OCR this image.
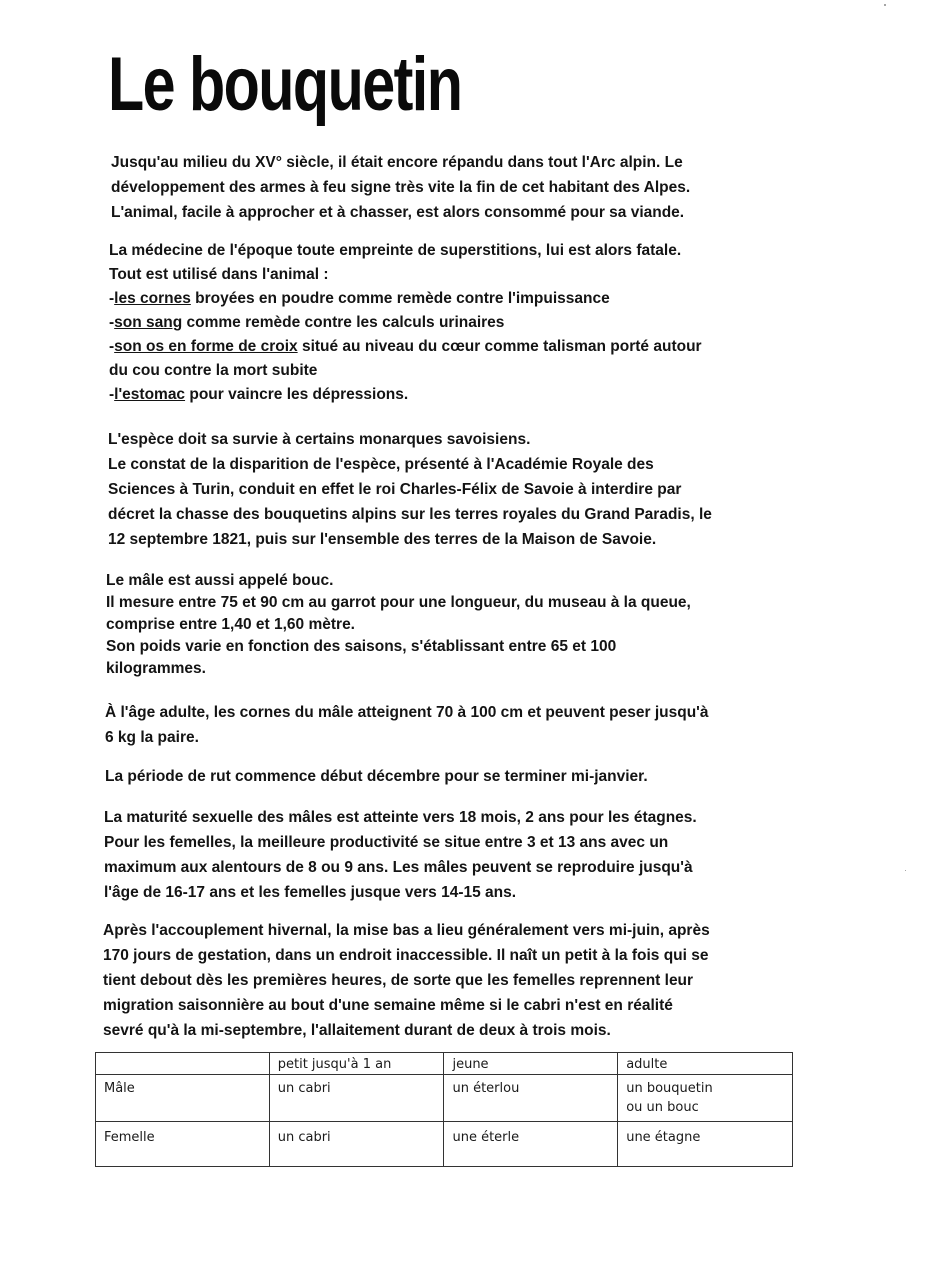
Le bouquetin

Jusqu'au milieu du XV° siècle, il était encore répandu dans tout l'Arc alpin. Le
développement des armes à feu signe très vite la fin de cet habitant des Alpes.
L'animal, facile à approcher et à chasser, est alors consommé pour sa viande.

La médecine de l'époque toute empreinte de superstitions, lui est alors fatale.
Tout est utilisé dans l'animal :
-les cornes broyées en poudre comme remède contre l'impuissance
-son sang comme remède contre les calculs urinaires
-son os en forme de croix situé au niveau du cœur comme talisman porté autour
du cou contre la mort subite
-l'estomac pour vaincre les dépressions.

L'espèce doit sa survie à certains monarques savoisiens.
Le constat de la disparition de l'espèce, présenté à l'Académie Royale des
Sciences à Turin, conduit en effet le roi Charles-Félix de Savoie à interdire par
décret la chasse des bouquetins alpins sur les terres royales du Grand Paradis, le
12 septembre 1821, puis sur l'ensemble des terres de la Maison de Savoie.

Le mâle est aussi appelé bouc.
Il mesure entre 75 et 90 cm au garrot pour une longueur, du museau à la queue,
comprise entre 1,40 et 1,60 mètre.
Son poids varie en fonction des saisons, s'établissant entre 65 et 100
kilogrammes.

À l'âge adulte, les cornes du mâle atteignent 70 à 100 cm et peuvent peser jusqu'à
6 kg la paire.

La période de rut commence début décembre pour se terminer mi-janvier.

La maturité sexuelle des mâles est atteinte vers 18 mois, 2 ans pour les étagnes.
Pour les femelles, la meilleure productivité se situe entre 3 et 13 ans avec un
maximum aux alentours de 8 ou 9 ans. Les mâles peuvent se reproduire jusqu'à
l'âge de 16-17 ans et les femelles jusque vers 14-15 ans.

Après l'accouplement hivernal, la mise bas a lieu généralement vers mi-juin, après
170 jours de gestation, dans un endroit inaccessible. Il naît un petit à la fois qui se
tient debout dès les premières heures, de sorte que les femelles reprennent leur
migration saisonnière au bout d'une semaine même si le cabri n'est en réalité
sevré qu'à la mi-septembre, l'allaitement durant de deux à trois mois.

	petit jusqu'à 1 an	jeune	adulte
Mâle	un cabri	un éterlou	un bouquetin
ou un bouc

Femelle	un cabri	une éterle	une étagne
